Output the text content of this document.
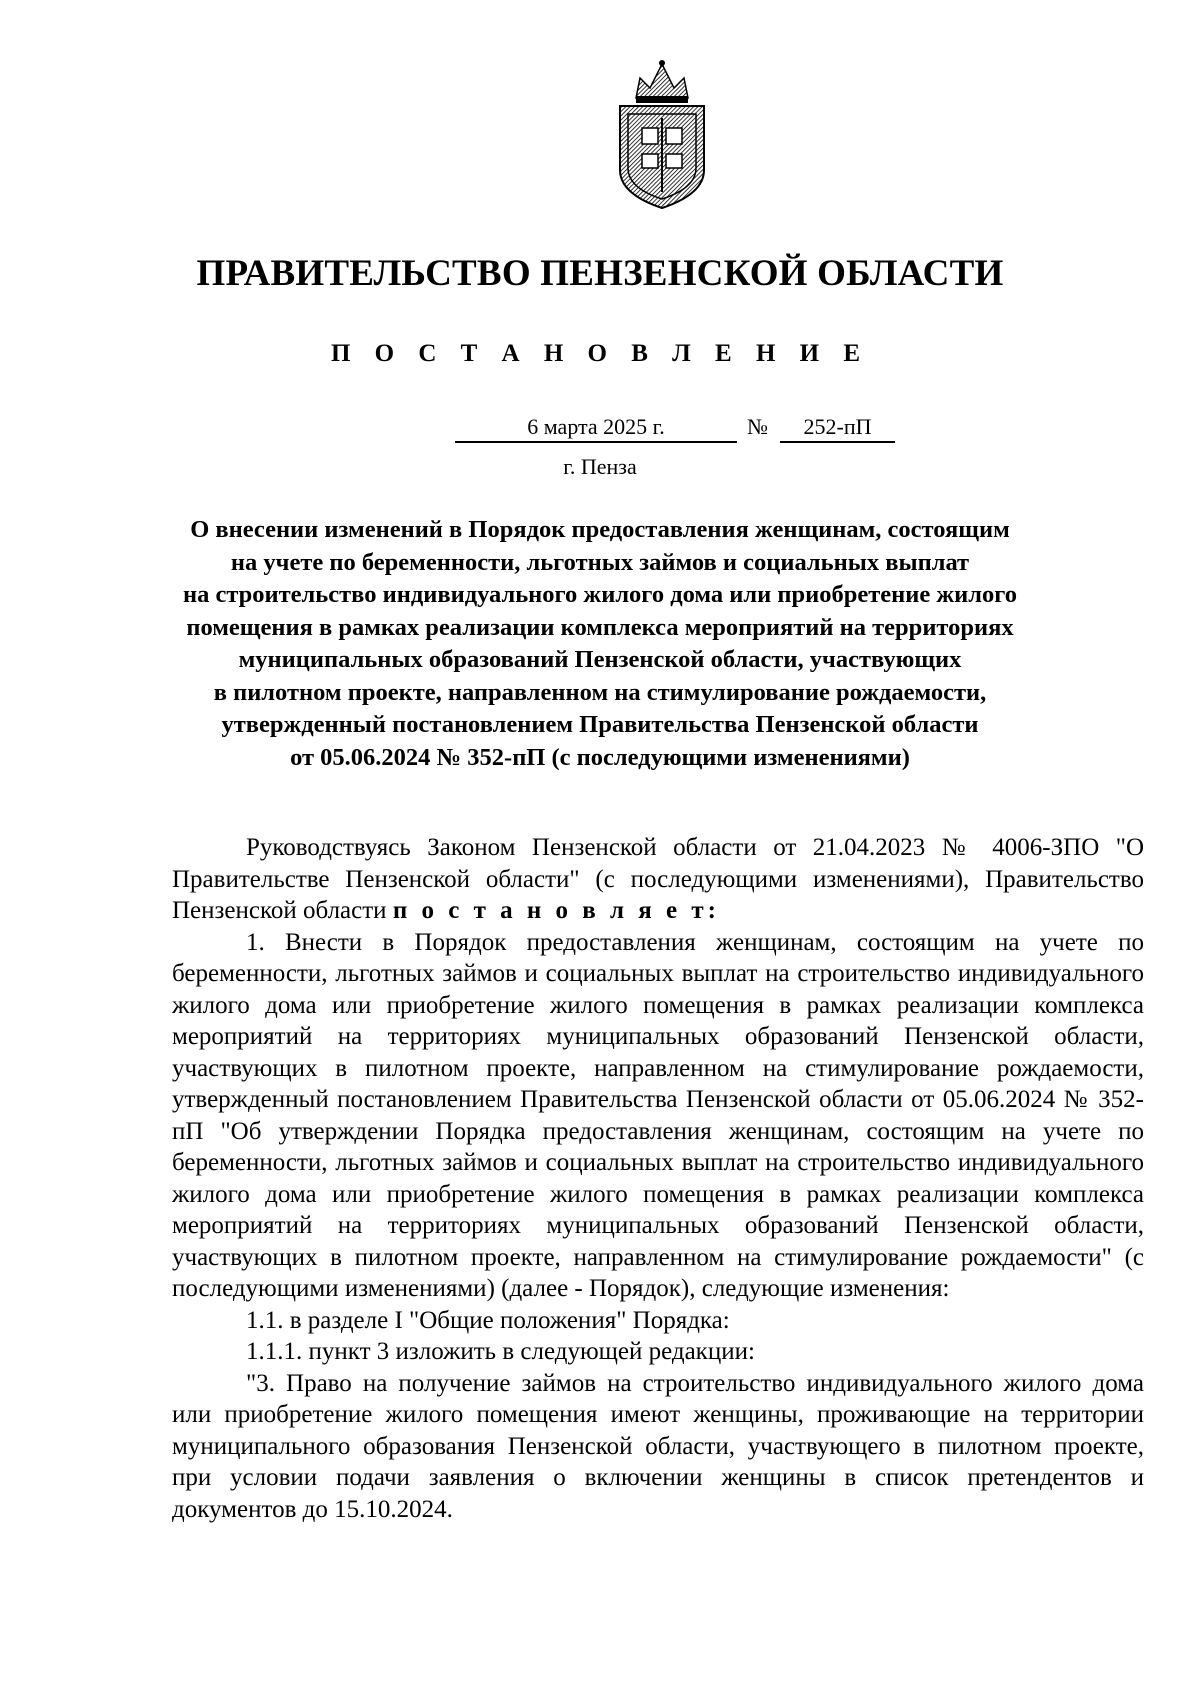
ПРАВИТЕЛЬСТВО ПЕНЗЕНСКОЙ ОБЛАСТИ
П О С Т А Н О В Л Е Н И Е
6 марта 2025 г.	№	252-пП
г. Пенза
О внесении изменений в Порядок предоставления женщинам, состоящим
на учете по беременности, льготных займов и социальных выплат
на строительство индивидуального жилого дома или приобретение жилого
помещения в рамках реализации комплекса мероприятий на территориях
муниципальных образований Пензенской области, участвующих
в пилотном проекте, направленном на стимулирование рождаемости,
утвержденный постановлением Правительства Пензенской области
от 05.06.2024 № 352-пП (с последующими изменениями)

Руководствуясь Законом Пензенской области от 21.04.2023 № 4006-ЗПО "О Правительстве Пензенской области" (с последующими изменениями), Правительство Пензенской области п о с т а н о в л я е т:

1. Внести в Порядок предоставления женщинам, состоящим на учете по беременности, льготных займов и социальных выплат на строительство индивидуального жилого дома или приобретение жилого помещения в рамках реализации комплекса мероприятий на территориях муниципальных образований Пензенской области, участвующих в пилотном проекте, направленном на стимулирование рождаемости, утвержденный постановлением Правительства Пензенской области от 05.06.2024 № 352-пП "Об утверждении Порядка предоставления женщинам, состоящим на учете по беременности, льготных займов и социальных выплат на строительство индивидуального жилого дома или приобретение жилого помещения в рамках реализации комплекса мероприятий на территориях муниципальных образований Пензенской области, участвующих в пилотном проекте, направленном на стимулирование рождаемости" (с последующими изменениями) (далее - Порядок), следующие изменения:

1.1. в разделе I "Общие положения" Порядка:

1.1.1. пункт 3 изложить в следующей редакции:

"3. Право на получение займов на строительство индивидуального жилого дома или приобретение жилого помещения имеют женщины, проживающие на территории муниципального образования Пензенской области, участвующего в пилотном проекте, при условии подачи заявления о включении женщины в список претендентов и документов до 15.10.2024.
